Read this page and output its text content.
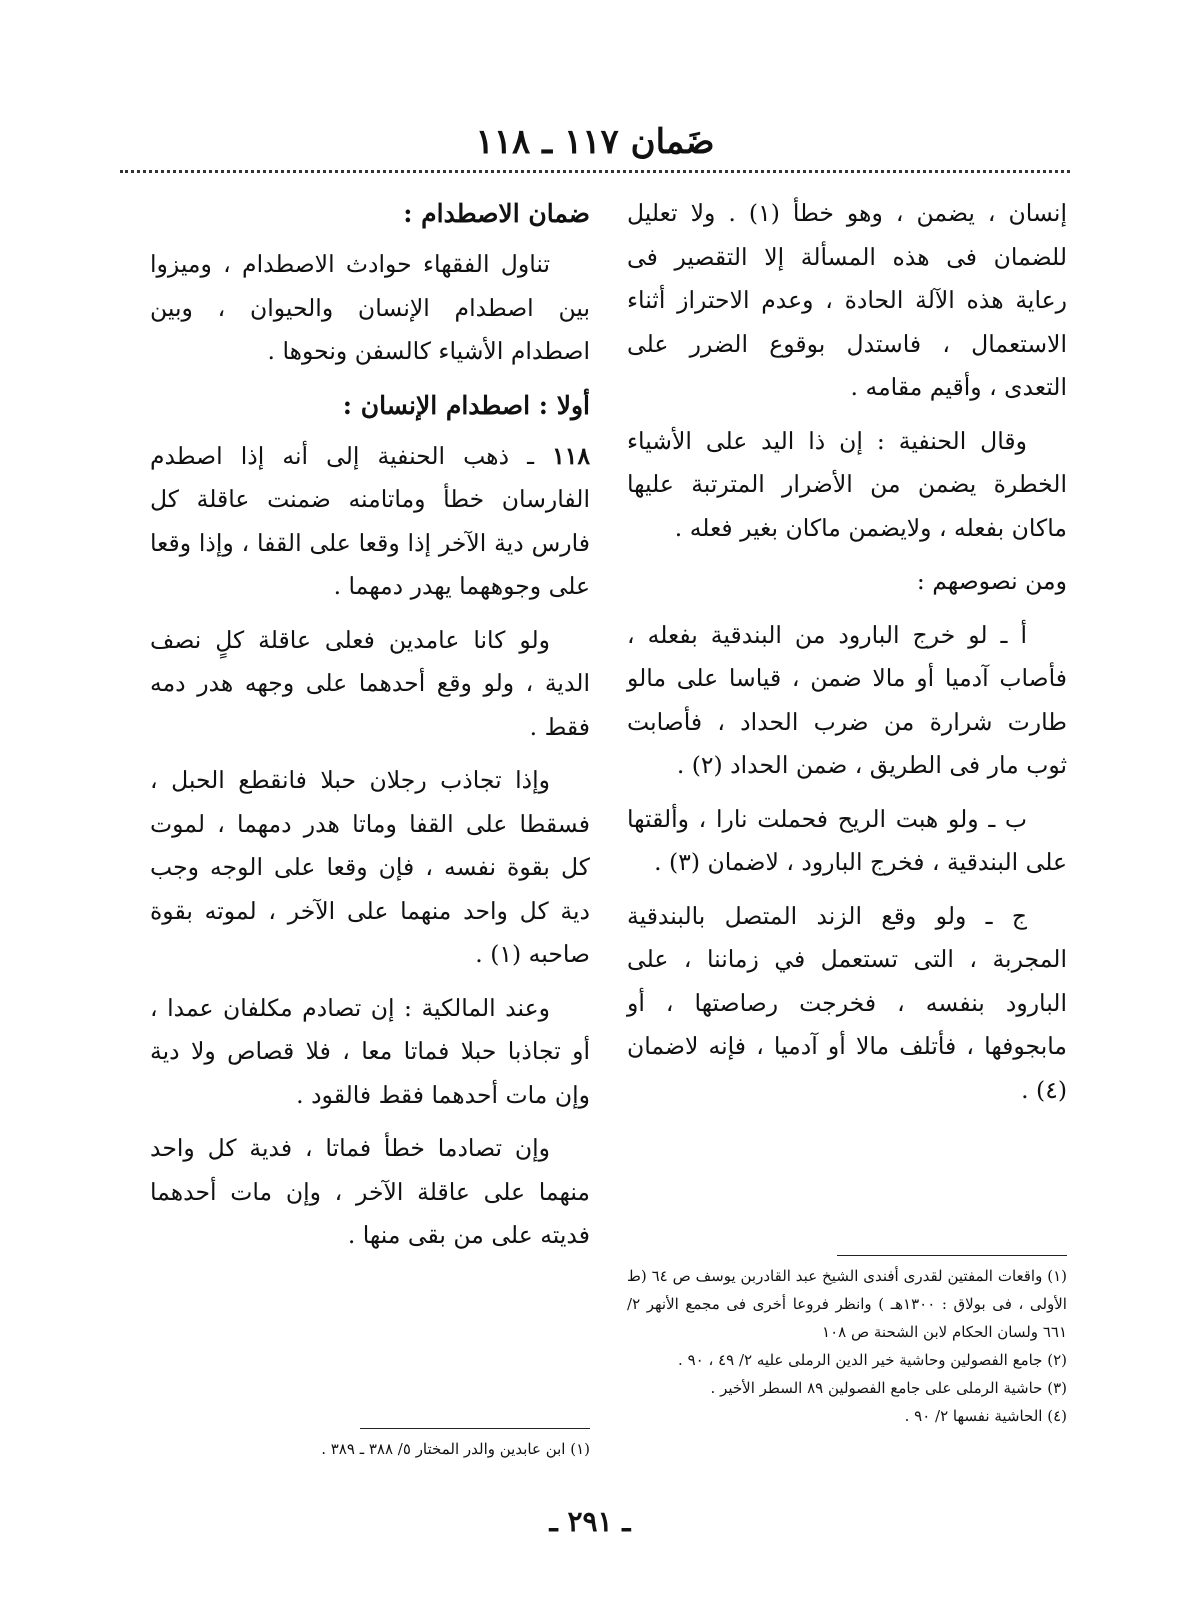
ضَمان ١١٧ ـ ١١٨

إنسان ، يضمن ، وهو خطأ (١) . ولا تعليل للضمان فى هذه المسألة إلا التقصير فى رعاية هذه الآلة الحادة ، وعدم الاحتراز أثناء الاستعمال ، فاستدل بوقوع الضرر على التعدى ، وأقيم مقامه .

وقال الحنفية : إن ذا اليد على الأشياء الخطرة يضمن من الأضرار المترتبة عليها ماكان بفعله ، ولايضمن ماكان بغير فعله .

ومن نصوصهم :

أ ـ لو خرج البارود من البندقية بفعله ، فأصاب آدميا أو مالا ضمن ، قياسا على مالو طارت شرارة من ضرب الحداد ، فأصابت ثوب مار فى الطريق ، ضمن الحداد (٢) .

ب ـ ولو هبت الريح فحملت نارا ، وألقتها على البندقية ، فخرج البارود ، لاضمان (٣) .

ج ـ ولو وقع الزند المتصل بالبندقية المجربة ، التى تستعمل في زماننا ، على البارود بنفسه ، فخرجت رصاصتها ، أو مابجوفها ، فأتلف مالا أو آدميا ، فإنه لاضمان (٤) .

ضمان الاصطدام :

تناول الفقهاء حوادث الاصطدام ، وميزوا بين اصطدام الإنسان والحيوان ، وبين اصطدام الأشياء كالسفن ونحوها .

أولا : اصطدام الإنسان :

١١٨ ـ ذهب الحنفية إلى أنه إذا اصطدم الفارسان خطأ وماتامنه ضمنت عاقلة كل فارس دية الآخر إذا وقعا على القفا ، وإذا وقعا على وجوههما يهدر دمهما .

ولو كانا عامدين فعلى عاقلة كلٍ نصف الدية ، ولو وقع أحدهما على وجهه هدر دمه فقط .

وإذا تجاذب رجلان حبلا فانقطع الحبل ، فسقطا على القفا وماتا هدر دمهما ، لموت كل بقوة نفسه ، فإن وقعا على الوجه وجب دية كل واحد منهما على الآخر ، لموته بقوة صاحبه (١) .

وعند المالكية : إن تصادم مكلفان عمدا ، أو تجاذبا حبلا فماتا معا ، فلا قصاص ولا دية وإن مات أحدهما فقط فالقود .

وإن تصادما خطأ فماتا ، فدية كل واحد منهما على عاقلة الآخر ، وإن مات أحدهما فديته على من بقى منها .

(١) واقعات المفتين لقدرى أفندى الشيخ عبد القادربن يوسف ص ٦٤ (ط الأولى ، فى بولاق : ١٣٠٠هـ ) وانظر فروعا أخرى فى مجمع الأنهر ٢/ ٦٦١ ولسان الحكام لابن الشحنة ص ١٠٨

(٢) جامع الفصولين وحاشية خير الدين الرملى عليه ٢/ ٤٩ ، ٩٠ .

(٣) حاشية الرملى على جامع الفصولين ٨٩ السطر الأخير .

(٤) الحاشية نفسها ٢/ ٩٠ .

(١) ابن عابدين والدر المختار ٥/ ٣٨٨ ـ ٣٨٩ .

ـ ٢٩١ ـ
